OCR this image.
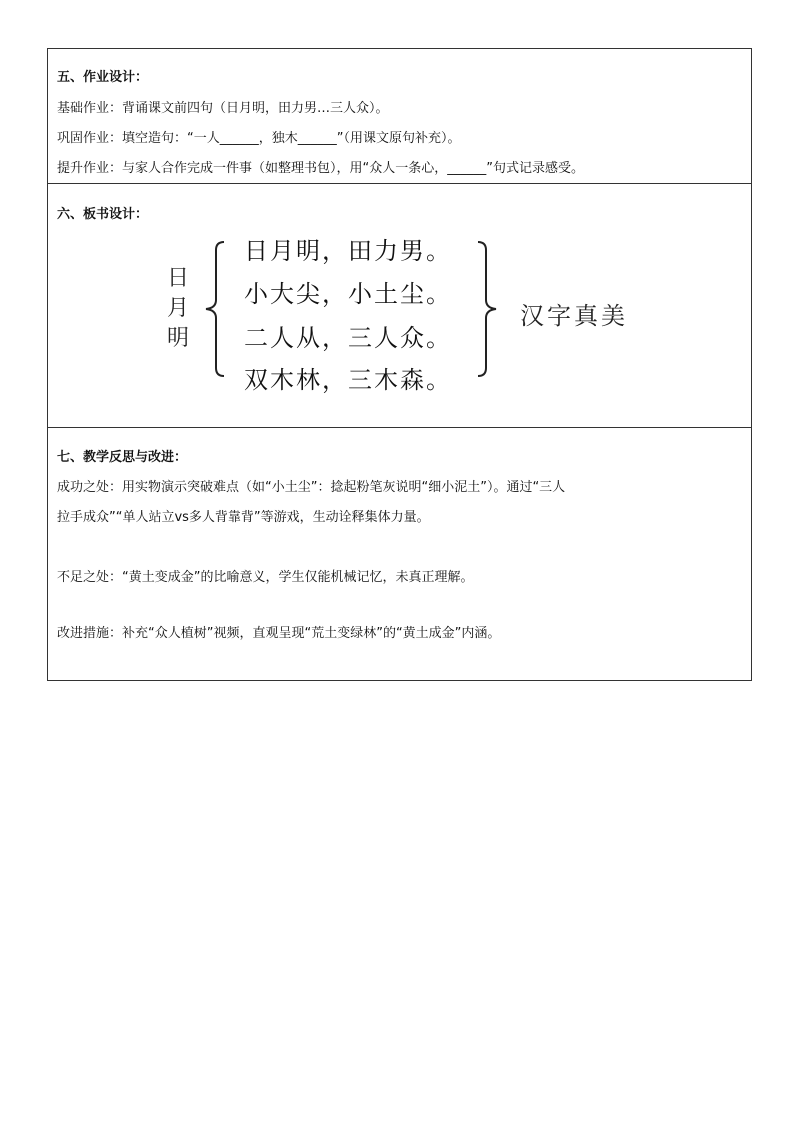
五、作业设计：
基础作业：背诵课文前四句（日月明，田力男…三人众）。
巩固作业：填空造句：“一人______，独木______”（用课文原句补充）。
提升作业：与家人合作完成一件事（如整理书包），用“众人一条心，______”句式记录感受。
六、板书设计：
日
月
明
日月明，田力男。
小大尖，小土尘。
二人从，三人众。
双木林，三木森。
汉字真美
七、教学反思与改进：
成功之处：用实物演示突破难点（如“小土尘”：捻起粉笔灰说明“细小泥土”）。通过“三人
拉手成众”“单人站立vs多人背靠背”等游戏，生动诠释集体力量。
不足之处：“黄土变成金”的比喻意义，学生仅能机械记忆，未真正理解。
改进措施：补充“众人植树”视频，直观呈现“荒土变绿林”的“黄土成金”内涵。
